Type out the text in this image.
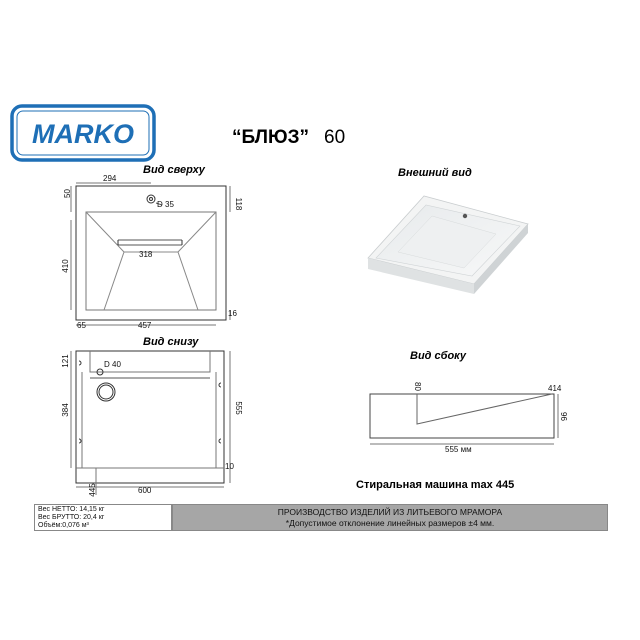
MARKO	“БЛЮЗ” 60
Вид сверху
294
50
118
D 35
410
318
65	457
16
Вид снизу
121	D 40
384	555
10
445	600
Внешний вид
Вид сбоку
80	414
96
555 мм
Стиральная машина max 445
Вес НЕТТО: 14,15 кг
Вес БРУТТО: 20,4 кг
Объём:0,076 м³
ПРОИЗВОДСТВО ИЗДЕЛИЙ ИЗ ЛИТЬЕВОГО МРАМОРА
*Допустимое отклонение линейных размеров ±4 мм.
